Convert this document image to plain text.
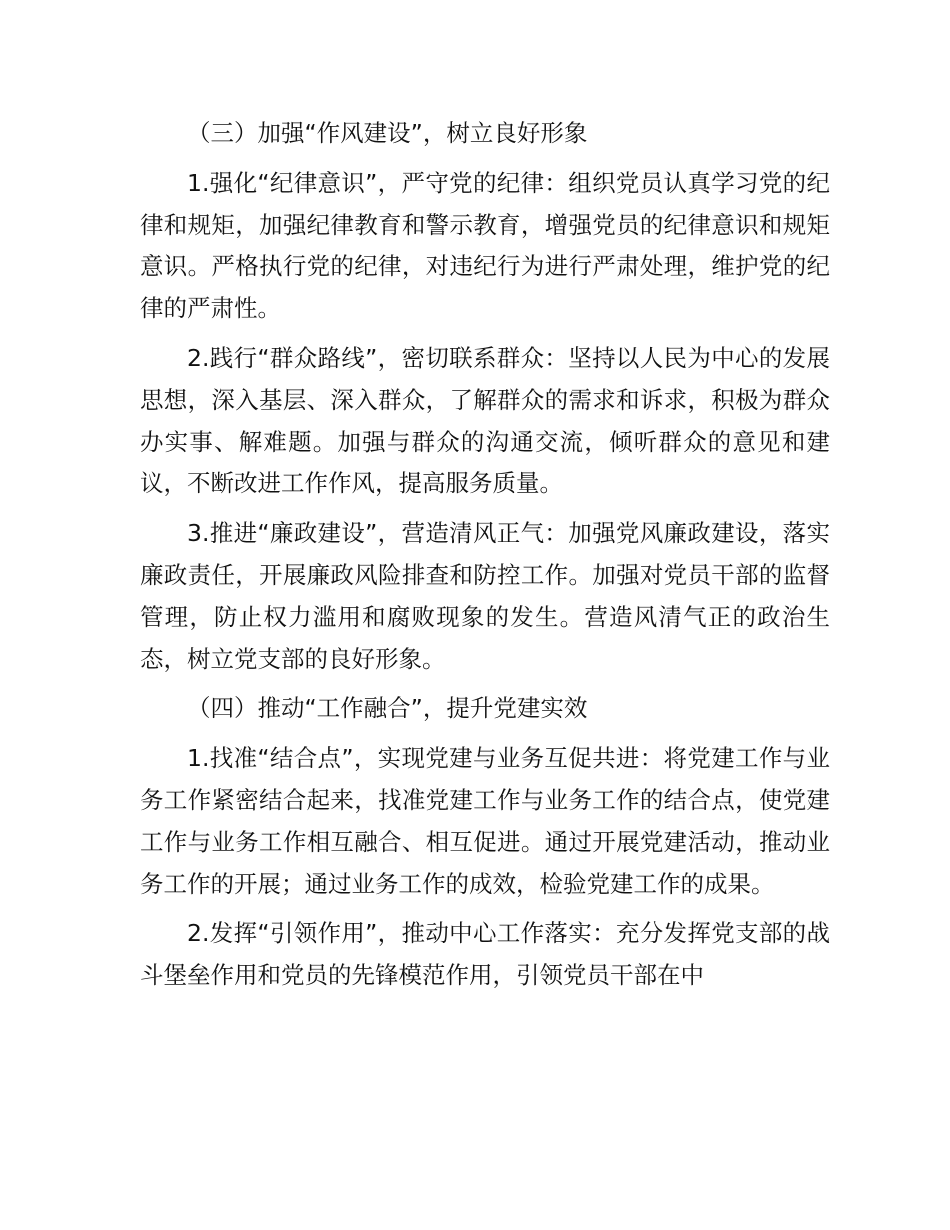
（三）加强“作风建设”，树立良好形象

1.强化“纪律意识”，严守党的纪律：组织党员认真学习党的纪律和规矩，加强纪律教育和警示教育，增强党员的纪律意识和规矩意识。严格执行党的纪律，对违纪行为进行严肃处理，维护党的纪律的严肃性。

2.践行“群众路线”，密切联系群众：坚持以人民为中心的发展思想，深入基层、深入群众，了解群众的需求和诉求，积极为群众办实事、解难题。加强与群众的沟通交流，倾听群众的意见和建议，不断改进工作作风，提高服务质量。

3.推进“廉政建设”，营造清风正气：加强党风廉政建设，落实廉政责任，开展廉政风险排查和防控工作。加强对党员干部的监督管理，防止权力滥用和腐败现象的发生。营造风清气正的政治生态，树立党支部的良好形象。

（四）推动“工作融合”，提升党建实效

1.找准“结合点”，实现党建与业务互促共进：将党建工作与业务工作紧密结合起来，找准党建工作与业务工作的结合点，使党建工作与业务工作相互融合、相互促进。通过开展党建活动，推动业务工作的开展；通过业务工作的成效，检验党建工作的成果。

2.发挥“引领作用”，推动中心工作落实：充分发挥党支部的战斗堡垒作用和党员的先锋模范作用，引领党员干部在中
